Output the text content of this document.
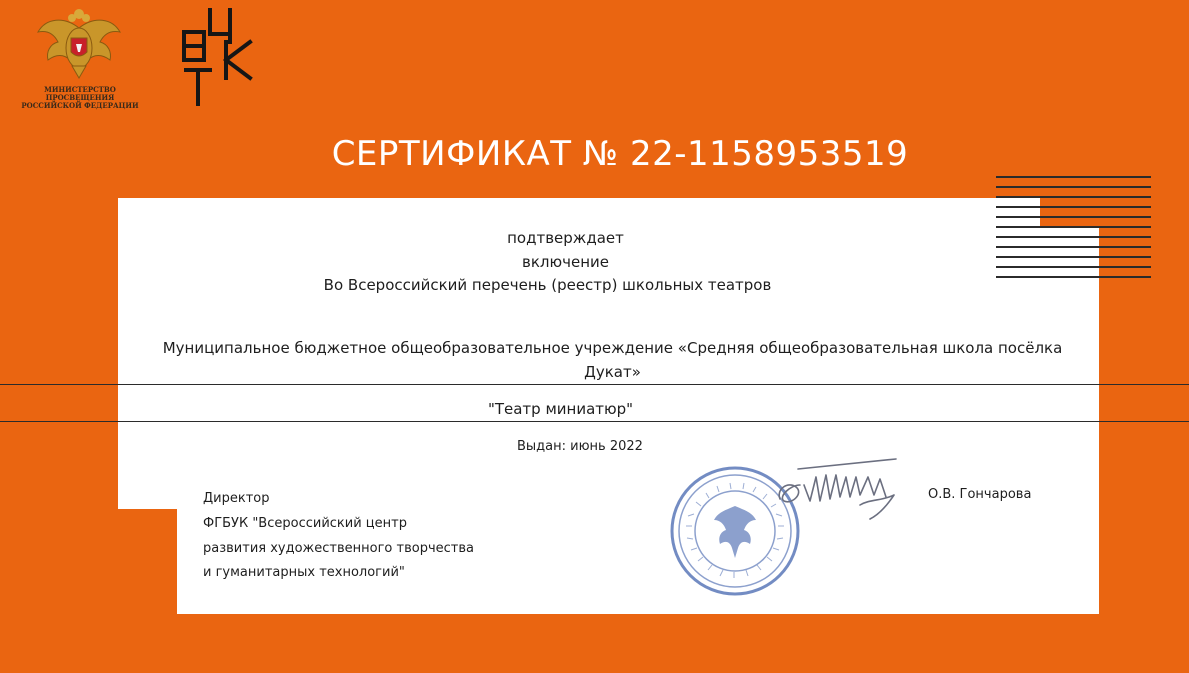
МИНИСТЕРСТВО ПРОСВЕЩЕНИЯ
РОССИЙСКОЙ ФЕДЕРАЦИИ
СЕРТИФИКАТ № 22-1158953519
подтверждает
включение
Во Всероссийский перечень (реестр) школьных театров
Муниципальное бюджетное общеобразовательное учреждение «Средняя общеобразовательная школа посёлка
Дукат»
"Театр миниатюр"
Выдан: июнь 2022
Директор
ФГБУК "Всероссийский центр
развития художественного творчества
и гуманитарных технологий"
О.В. Гончарова
